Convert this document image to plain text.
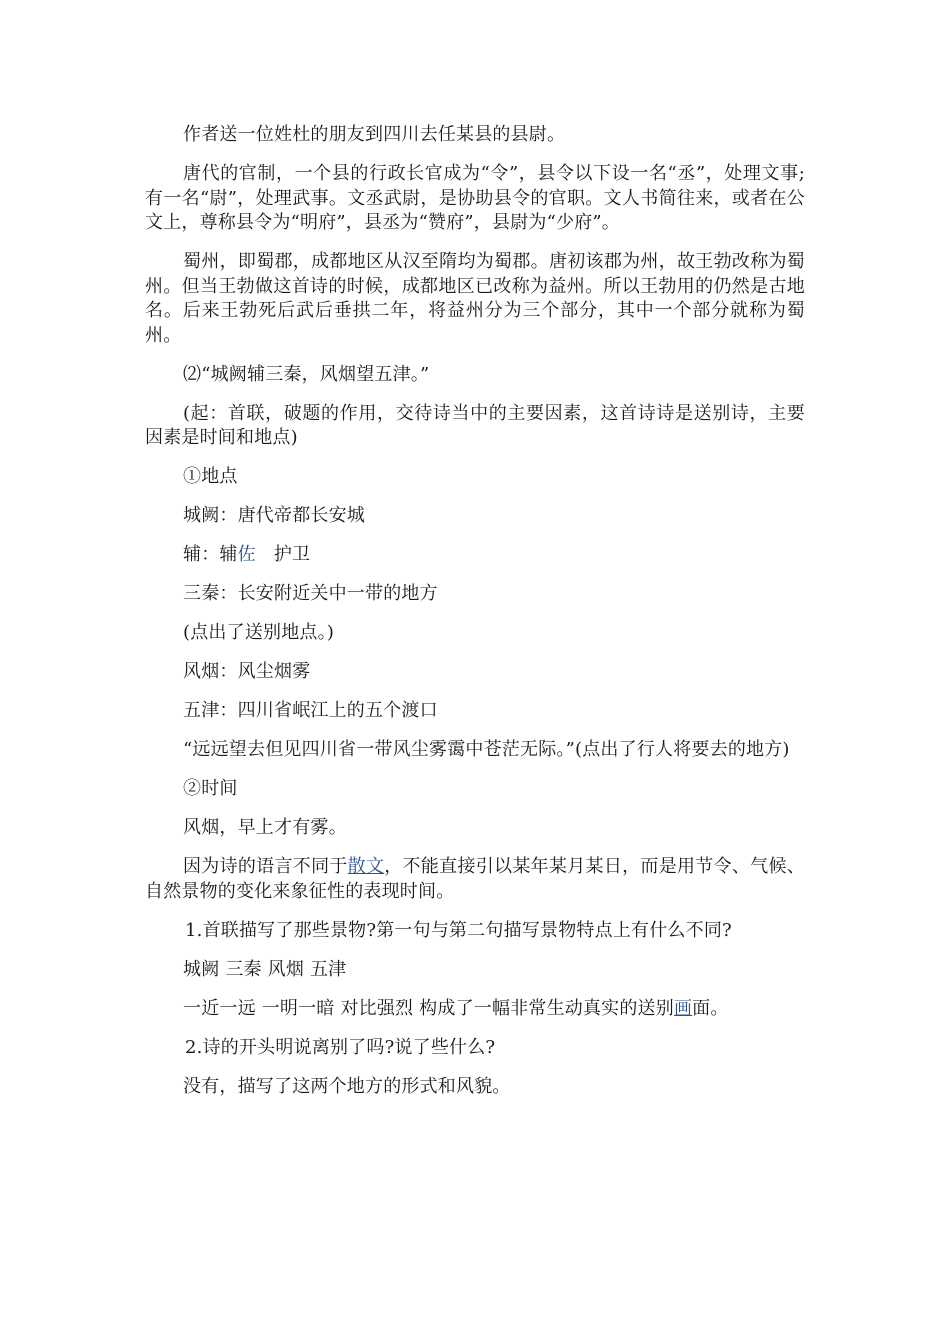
作者送一位姓杜的朋友到四川去任某县的县尉。

唐代的官制，一个县的行政长官成为“令”，县令以下设一名“丞”，处理文事;有一名“尉”，处理武事。文丞武尉，是协助县令的官职。文人书简往来，或者在公文上，尊称县令为“明府”，县丞为“赞府”，县尉为“少府”。

蜀州，即蜀郡，成都地区从汉至隋均为蜀郡。唐初该郡为州，故王勃改称为蜀州。但当王勃做这首诗的时候，成都地区已改称为益州。所以王勃用的仍然是古地名。后来王勃死后武后垂拱二年，将益州分为三个部分，其中一个部分就称为蜀州。

⑵“城阙辅三秦，风烟望五津。”

(起：首联，破题的作用，交待诗当中的主要因素，这首诗诗是送别诗，主要因素是时间和地点)

①地点

城阙：唐代帝都长安城

辅：辅佐 护卫

三秦：长安附近关中一带的地方

(点出了送别地点。)

风烟：风尘烟雾

五津：四川省岷江上的五个渡口

“远远望去但见四川省一带风尘雾霭中苍茫无际。”(点出了行人将要去的地方)

②时间

风烟，早上才有雾。

因为诗的语言不同于散文，不能直接引以某年某月某日，而是用节令、气候、自然景物的变化来象征性的表现时间。

1.首联描写了那些景物?第一句与第二句描写景物特点上有什么不同?

城阙 三秦 风烟 五津

一近一远 一明一暗 对比强烈 构成了一幅非常生动真实的送别画面。

2.诗的开头明说离别了吗?说了些什么?

没有，描写了这两个地方的形式和风貌。
